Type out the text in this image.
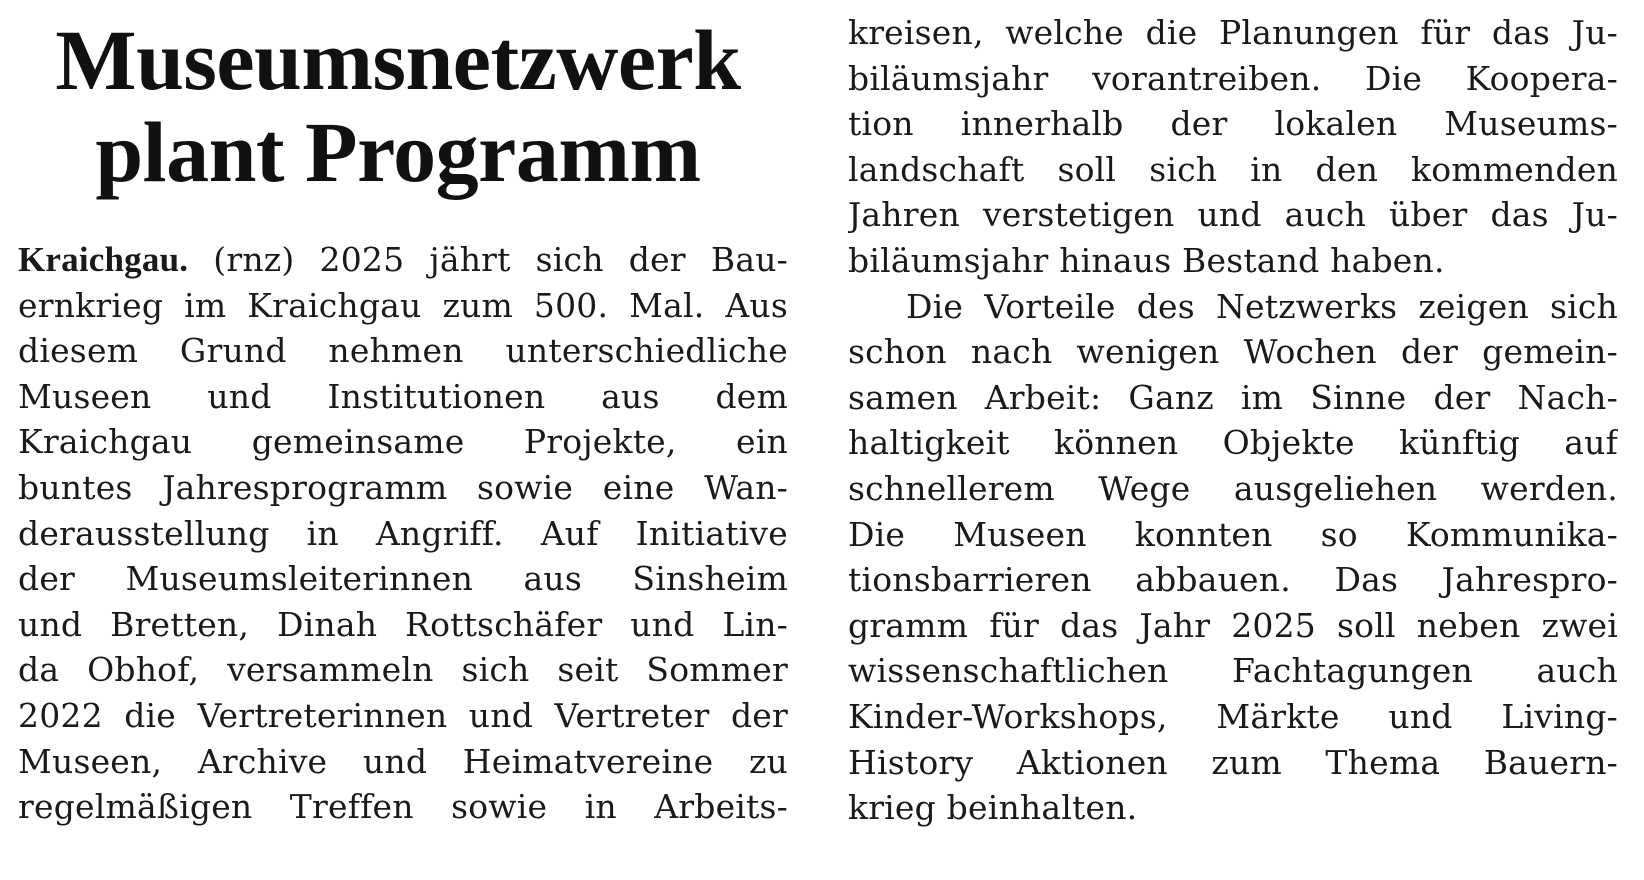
Museumsnetzwerk
plant Programm
Kraichgau. (rnz) 2025 jährt sich der Bau-
ernkrieg im Kraichgau zum 500. Mal. Aus
diesem Grund nehmen unterschiedliche
Museen und Institutionen aus dem
Kraichgau gemeinsame Projekte, ein
buntes Jahresprogramm sowie eine Wan-
derausstellung in Angriff. Auf Initiative
der Museumsleiterinnen aus Sinsheim
und Bretten, Dinah Rottschäfer und Lin-
da Obhof, versammeln sich seit Sommer
2022 die Vertreterinnen und Vertreter der
Museen, Archive und Heimatvereine zu
regelmäßigen Treffen sowie in Arbeits-
kreisen, welche die Planungen für das Ju-
biläumsjahr vorantreiben. Die Koopera-
tion innerhalb der lokalen Museums-
landschaft soll sich in den kommenden
Jahren verstetigen und auch über das Ju-
biläumsjahr hinaus Bestand haben.
Die Vorteile des Netzwerks zeigen sich
schon nach wenigen Wochen der gemein-
samen Arbeit: Ganz im Sinne der Nach-
haltigkeit können Objekte künftig auf
schnellerem Wege ausgeliehen werden.
Die Museen konnten so Kommunika-
tionsbarrieren abbauen. Das Jahrespro-
gramm für das Jahr 2025 soll neben zwei
wissenschaftlichen Fachtagungen auch
Kinder-Workshops, Märkte und Living-
History Aktionen zum Thema Bauern-
krieg beinhalten.
